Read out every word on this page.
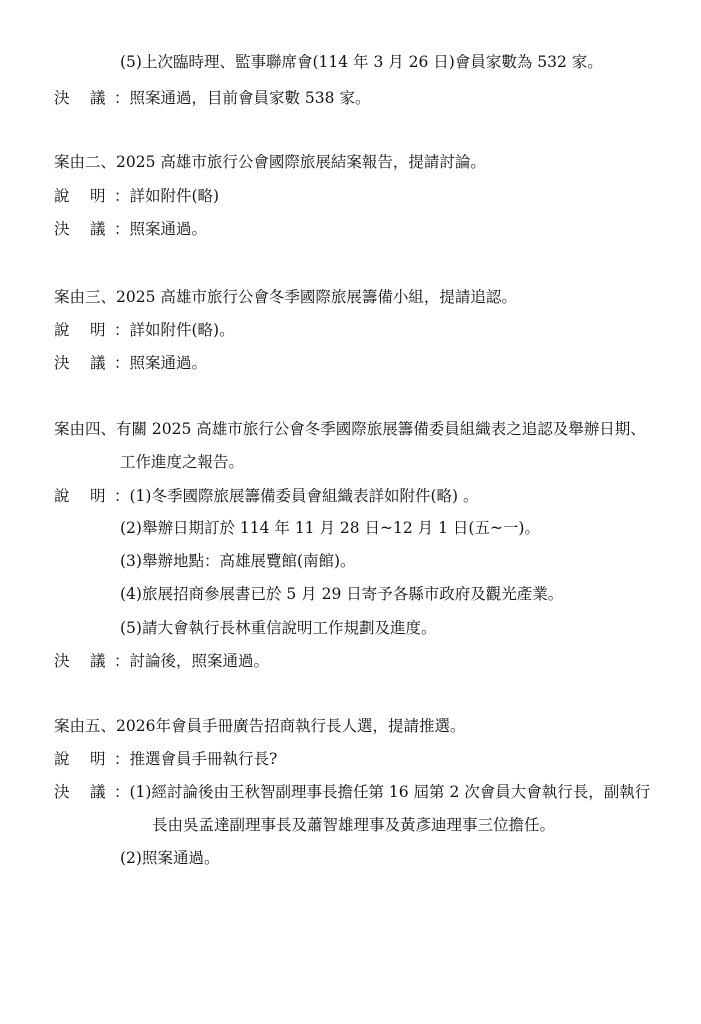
(5)上次臨時理、監事聯席會(114 年 3 月 26 日)會員家數為 532 家。
決 議 ：照案通過，目前會員家數 538 家。
案由二、2025 高雄市旅行公會國際旅展結案報告，提請討論。
說 明 ：詳如附件(略)
決 議 ：照案通過。
案由三、2025 高雄市旅行公會冬季國際旅展籌備小組，提請追認。
說 明 ：詳如附件(略)。
決 議 ：照案通過。
案由四、有關 2025 高雄市旅行公會冬季國際旅展籌備委員組織表之追認及舉辦日期、
工作進度之報告。
說 明 ：(1)冬季國際旅展籌備委員會組織表詳如附件(略) 。
(2)舉辦日期訂於 114 年 11 月 28 日~12 月 1 日(五~一)。
(3)舉辦地點：高雄展覽館(南館)。
(4)旅展招商參展書已於 5 月 29 日寄予各縣市政府及觀光產業。
(5)請大會執行長林重信說明工作規劃及進度。
決 議 ：討論後，照案通過。
案由五、2026年會員手冊廣告招商執行長人選，提請推選。
說 明 ：推選會員手冊執行長?
決 議 ：(1)經討論後由王秋智副理事長擔任第 16 屆第 2 次會員大會執行長，副執行
長由吳孟達副理事長及蕭智雄理事及黃彥迪理事三位擔任。
(2)照案通過。
